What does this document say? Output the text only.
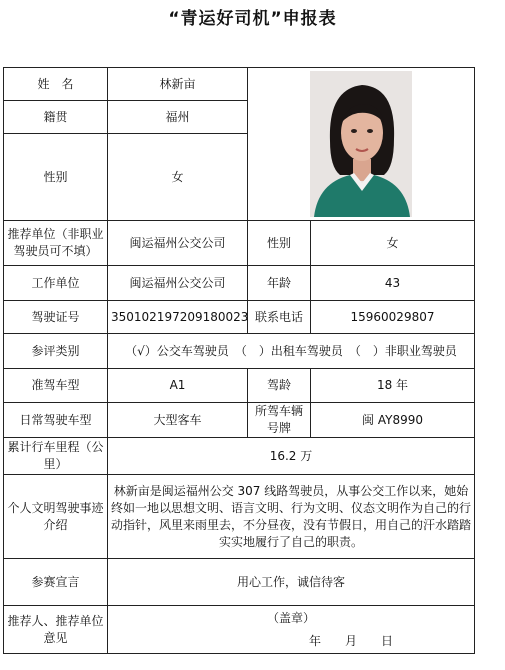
“青运好司机”申报表
姓　名	林新亩	

籍贯	福州		
性别	女		
推荐单位（非职业驾驶员可不填）	闽运福州公交公司	性别	女
工作单位	闽运福州公交公司	年龄	43
驾驶证号	350102197209180023	联系电话	15960029807
参评类别	（√）公交车驾驶员　（　）出租车驾驶员　（　）非职业驾驶员		
准驾车型	A1	驾龄	18 年
日常驾驶车型	大型客车	所驾车辆号牌	闽 AY8990
累计行车里程（公里）	16.2 万		
个人文明驾驶事迹介绍	林新亩是闽运福州公交 307 线路驾驶员，从事公交工作以来，她始终如一地以思想文明、语言文明、行为文明、仪态文明作为自己的行动指针，风里来雨里去，不分昼夜，没有节假日，用自己的汗水踏踏实实地履行了自己的职责。		
参赛宣言	用心工作，诚信待客		
推荐人、推荐单位意见	（盖章）
年　　月　　日		
